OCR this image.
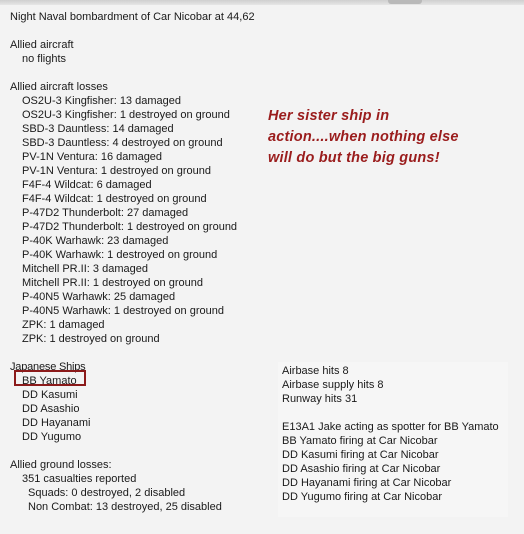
Night Naval bombardment of Car Nicobar at 44,62
Allied aircraft
no flights
Allied aircraft losses
OS2U-3 Kingfisher: 13 damaged
OS2U-3 Kingfisher: 1 destroyed on ground
SBD-3 Dauntless: 14 damaged
SBD-3 Dauntless: 4 destroyed on ground
PV-1N Ventura: 16 damaged
PV-1N Ventura: 1 destroyed on ground
F4F-4 Wildcat: 6 damaged
F4F-4 Wildcat: 1 destroyed on ground
P-47D2 Thunderbolt: 27 damaged
P-47D2 Thunderbolt: 1 destroyed on ground
P-40K Warhawk: 23 damaged
P-40K Warhawk: 1 destroyed on ground
Mitchell PR.II: 3 damaged
Mitchell PR.II: 1 destroyed on ground
P-40N5 Warhawk: 25 damaged
P-40N5 Warhawk: 1 destroyed on ground
ZPK: 1 damaged
ZPK: 1 destroyed on ground
Japanese Ships
BB Yamato
DD Kasumi
DD Asashio
DD Hayanami
DD Yugumo
Allied ground losses:
351 casualties reported
Squads: 0 destroyed, 2 disabled
Non Combat: 13 destroyed, 25 disabled
Airbase hits 8
Airbase supply hits 8
Runway hits 31
E13A1 Jake acting as spotter for BB Yamato
BB Yamato firing at Car Nicobar
DD Kasumi firing at Car Nicobar
DD Asashio firing at Car Nicobar
DD Hayanami firing at Car Nicobar
DD Yugumo firing at Car Nicobar
Her sister ship in
action....when nothing else
will do but the big guns!
